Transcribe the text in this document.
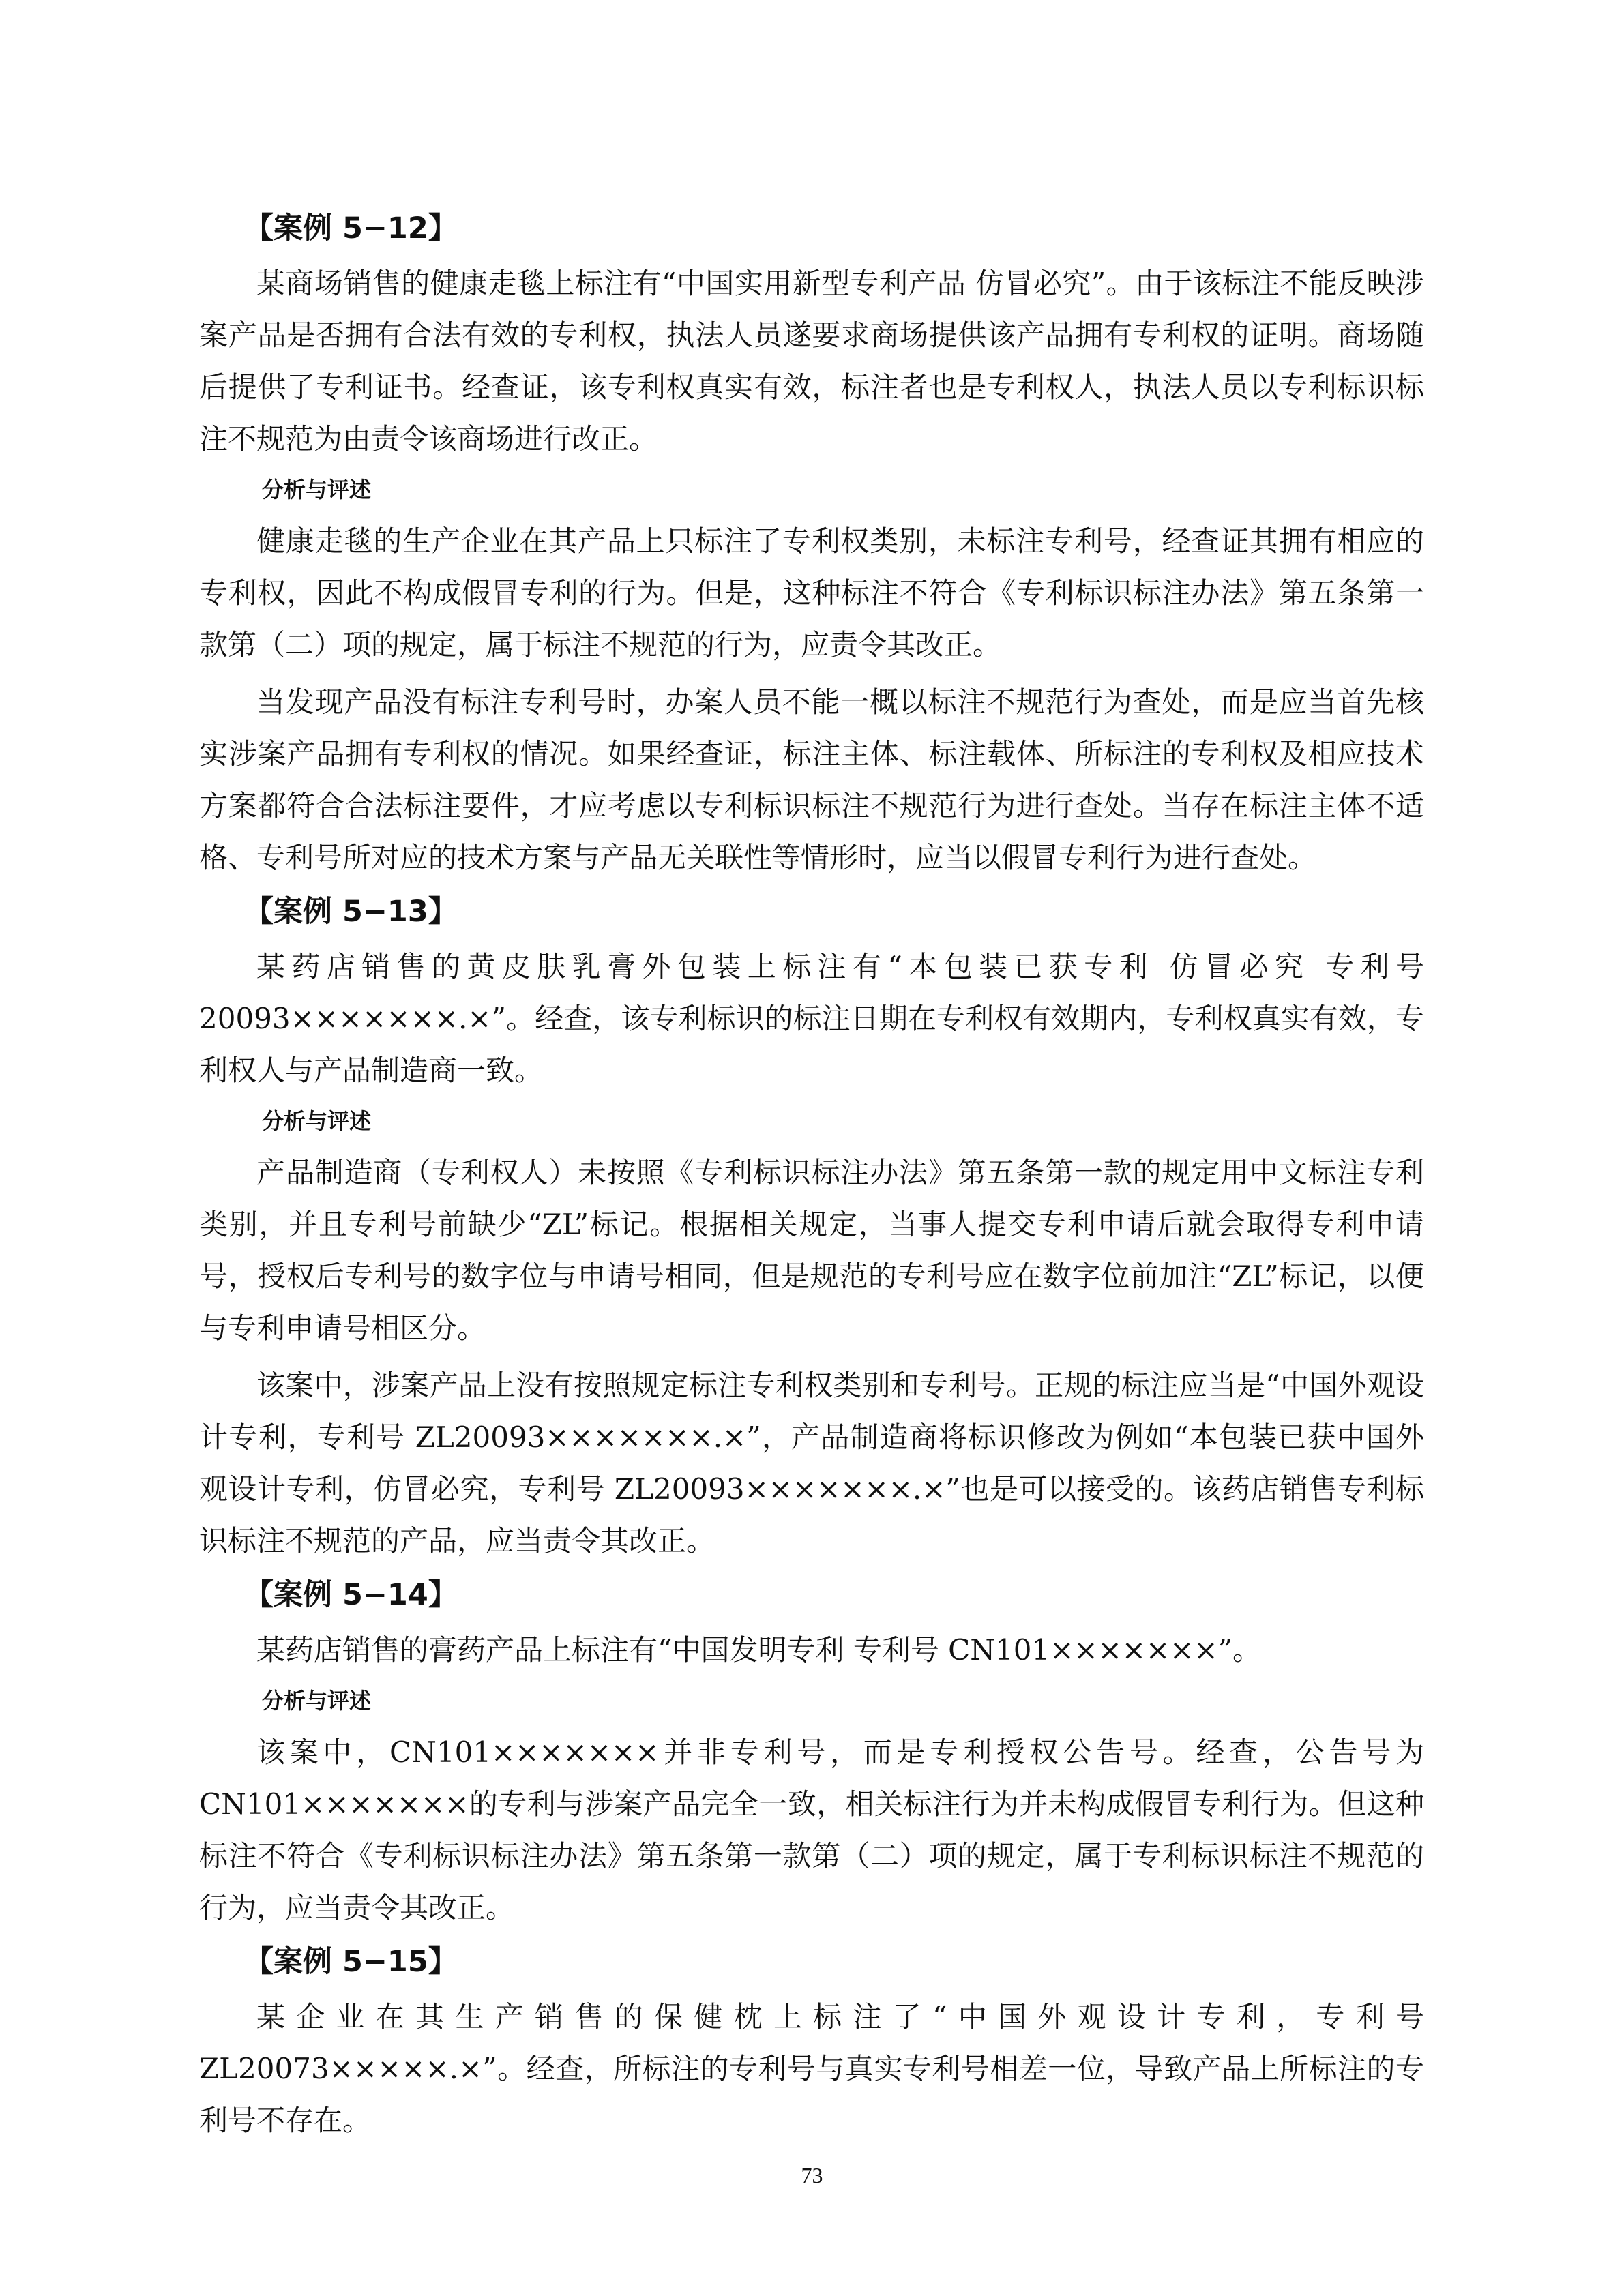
【案例 5−12】

某商场销售的健康走毯上标注有“中国实用新型专利产品 仿冒必究”。由于该标注不能反映涉案产品是否拥有合法有效的专利权，执法人员遂要求商场提供该产品拥有专利权的证明。商场随后提供了专利证书。经查证，该专利权真实有效，标注者也是专利权人，执法人员以专利标识标注不规范为由责令该商场进行改正。

分析与评述

健康走毯的生产企业在其产品上只标注了专利权类别，未标注专利号，经查证其拥有相应的专利权，因此不构成假冒专利的行为。但是，这种标注不符合《专利标识标注办法》第五条第一款第（二）项的规定，属于标注不规范的行为，应责令其改正。

当发现产品没有标注专利号时，办案人员不能一概以标注不规范行为查处，而是应当首先核实涉案产品拥有专利权的情况。如果经查证，标注主体、标注载体、所标注的专利权及相应技术方案都符合合法标注要件，才应考虑以专利标识标注不规范行为进行查处。当存在标注主体不适格、专利号所对应的技术方案与产品无关联性等情形时，应当以假冒专利行为进行查处。

【案例 5−13】

某药店销售的黄皮肤乳膏外包装上标注有“本包装已获专利 仿冒必究 专利号 20093×××××××.×”。经查，该专利标识的标注日期在专利权有效期内，专利权真实有效，专利权人与产品制造商一致。

分析与评述

产品制造商（专利权人）未按照《专利标识标注办法》第五条第一款的规定用中文标注专利类别，并且专利号前缺少“ZL”标记。根据相关规定，当事人提交专利申请后就会取得专利申请号，授权后专利号的数字位与申请号相同，但是规范的专利号应在数字位前加注“ZL”标记，以便与专利申请号相区分。

该案中，涉案产品上没有按照规定标注专利权类别和专利号。正规的标注应当是“中国外观设计专利，专利号 ZL20093×××××××.×”，产品制造商将标识修改为例如“本包装已获中国外观设计专利，仿冒必究，专利号 ZL20093×××××××.×”也是可以接受的。该药店销售专利标识标注不规范的产品，应当责令其改正。

【案例 5−14】

某药店销售的膏药产品上标注有“中国发明专利 专利号 CN101×××××××”。

分析与评述

该案中，CN101×××××××并非专利号，而是专利授权公告号。经查，公告号为 CN101×××××××的专利与涉案产品完全一致，相关标注行为并未构成假冒专利行为。但这种标注不符合《专利标识标注办法》第五条第一款第（二）项的规定，属于专利标识标注不规范的行为，应当责令其改正。

【案例 5−15】

某企业在其生产销售的保健枕上标注了“中国外观设计专利，专利号 ZL20073×××××.×”。经查，所标注的专利号与真实专利号相差一位，导致产品上所标注的专利号不存在。

73
